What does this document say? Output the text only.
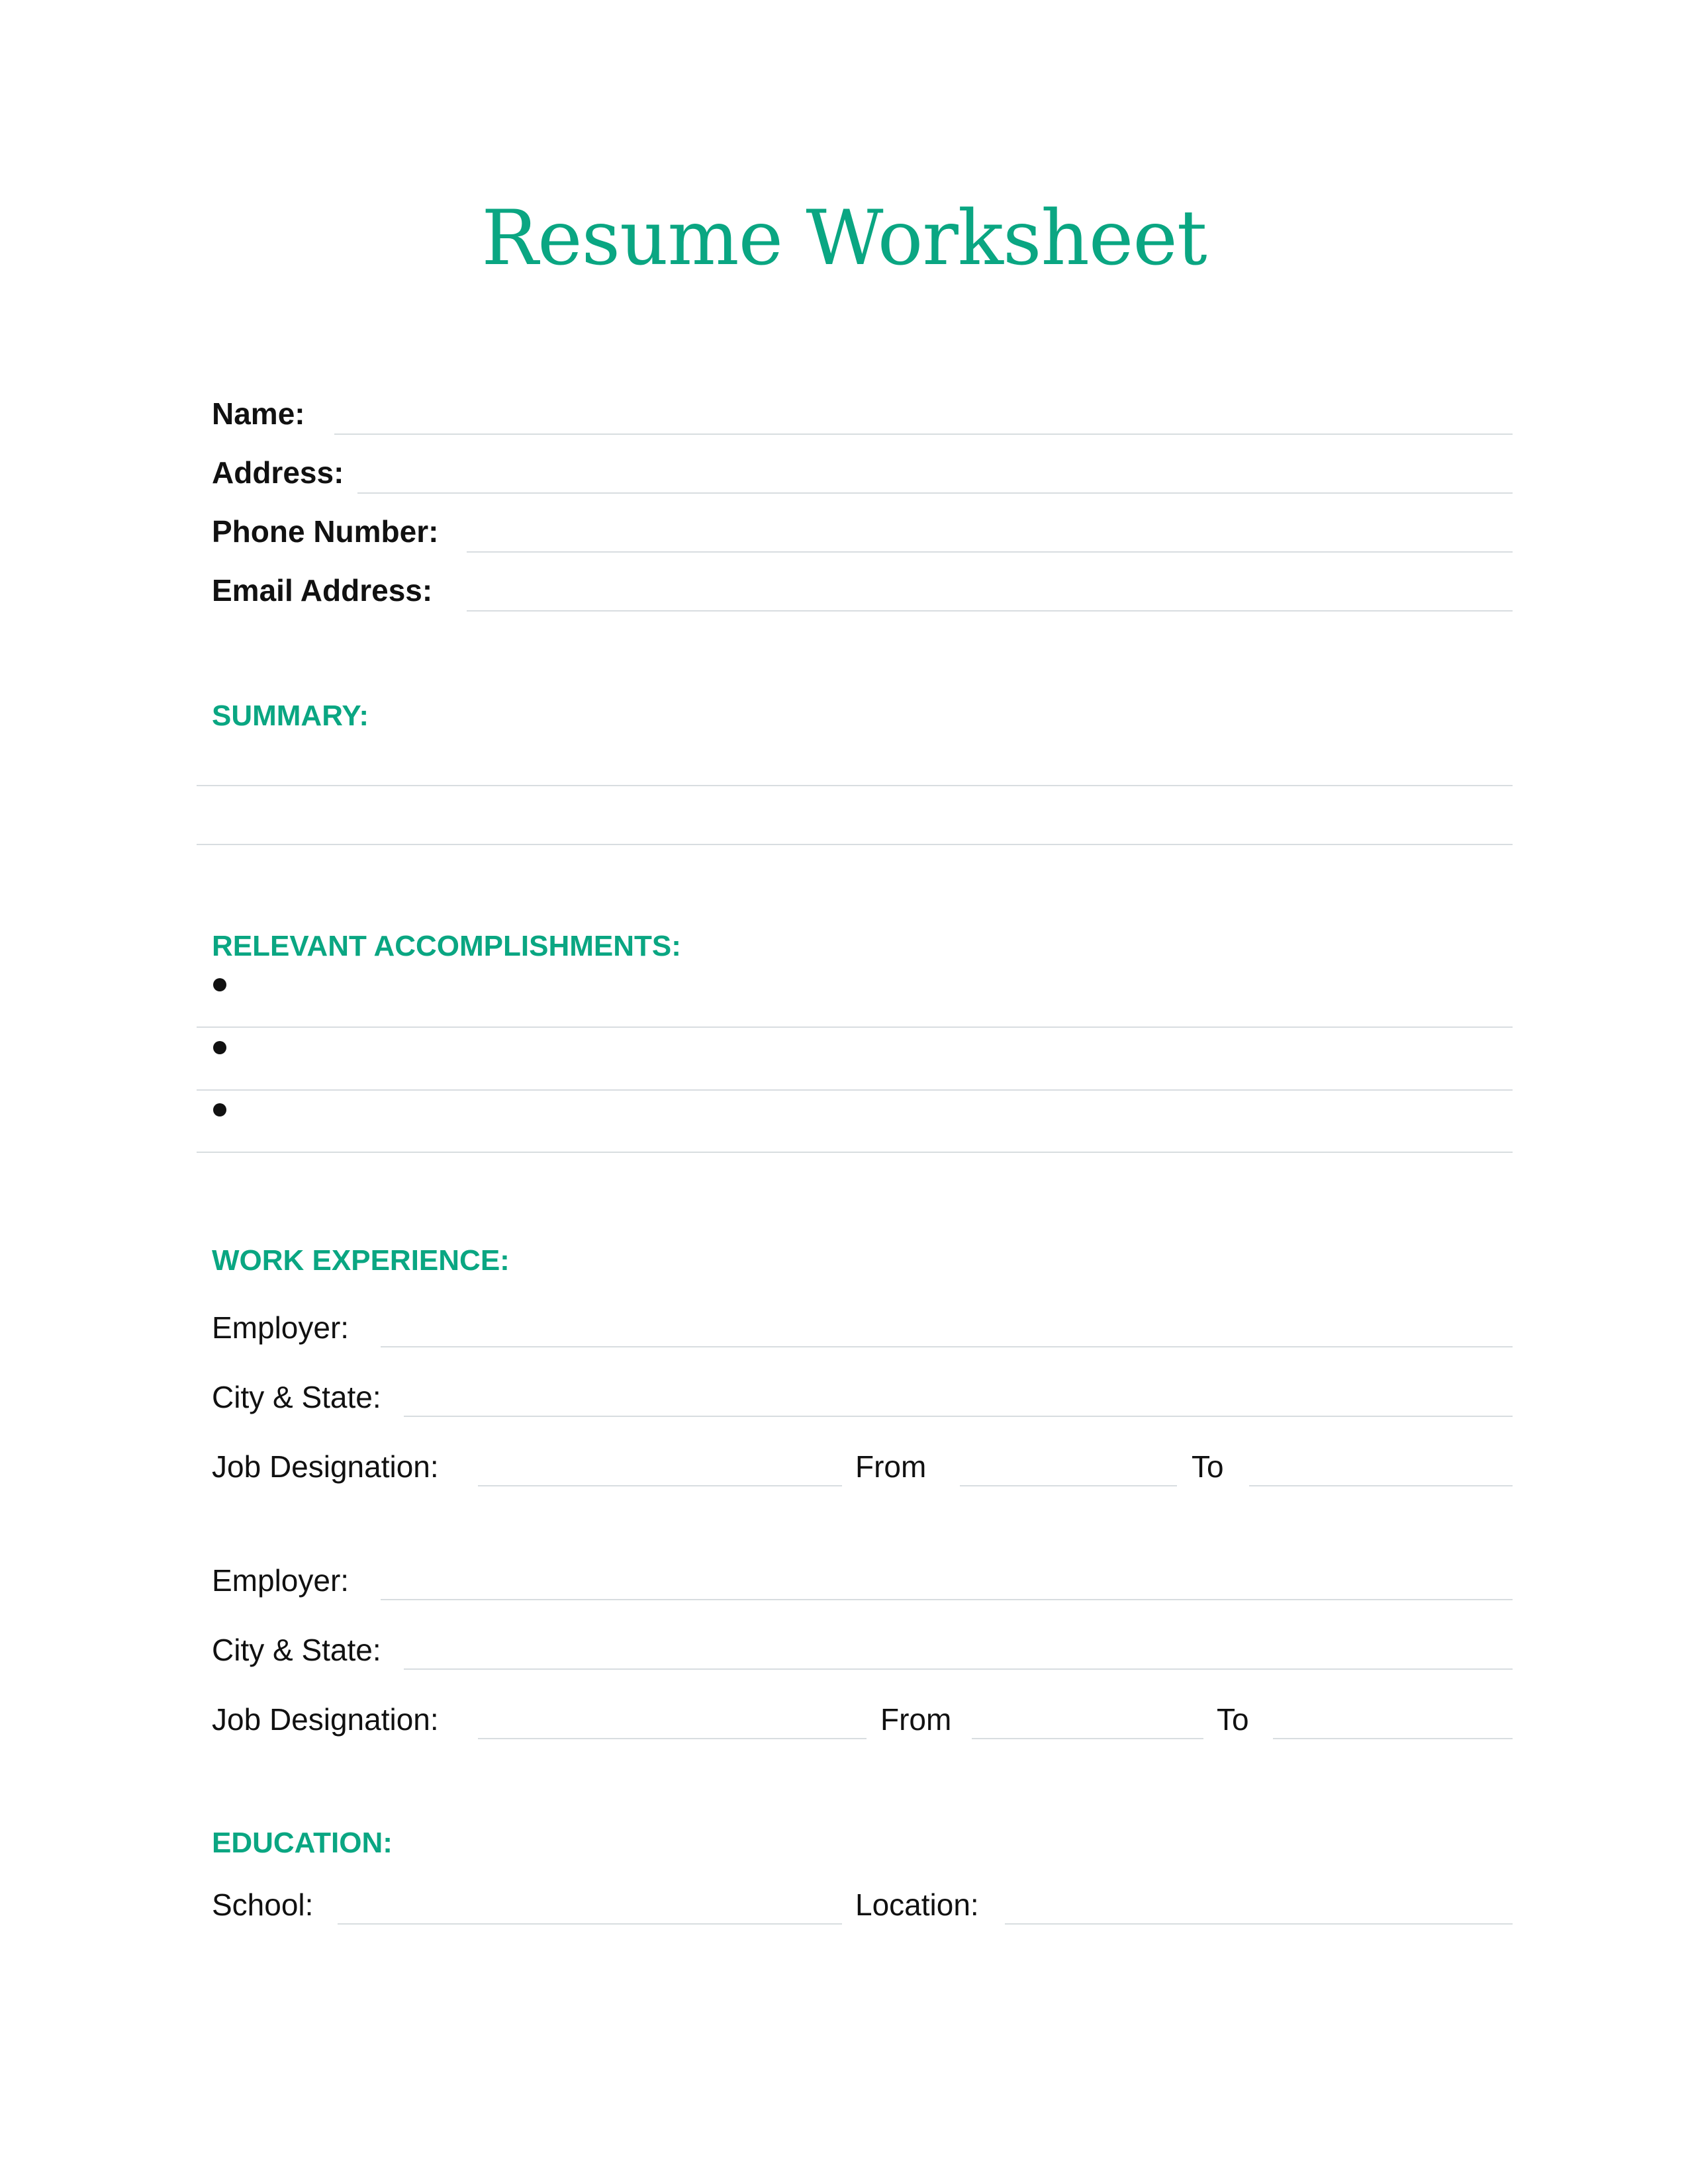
Resume Worksheet
Name:
Address:
Phone Number:
Email Address:
SUMMARY:
RELEVANT ACCOMPLISHMENTS:
WORK EXPERIENCE:
Employer:
City & State:
Job Designation:	From	To
Employer:
City & State:
Job Designation:	From	To
EDUCATION:
School:	Location:
